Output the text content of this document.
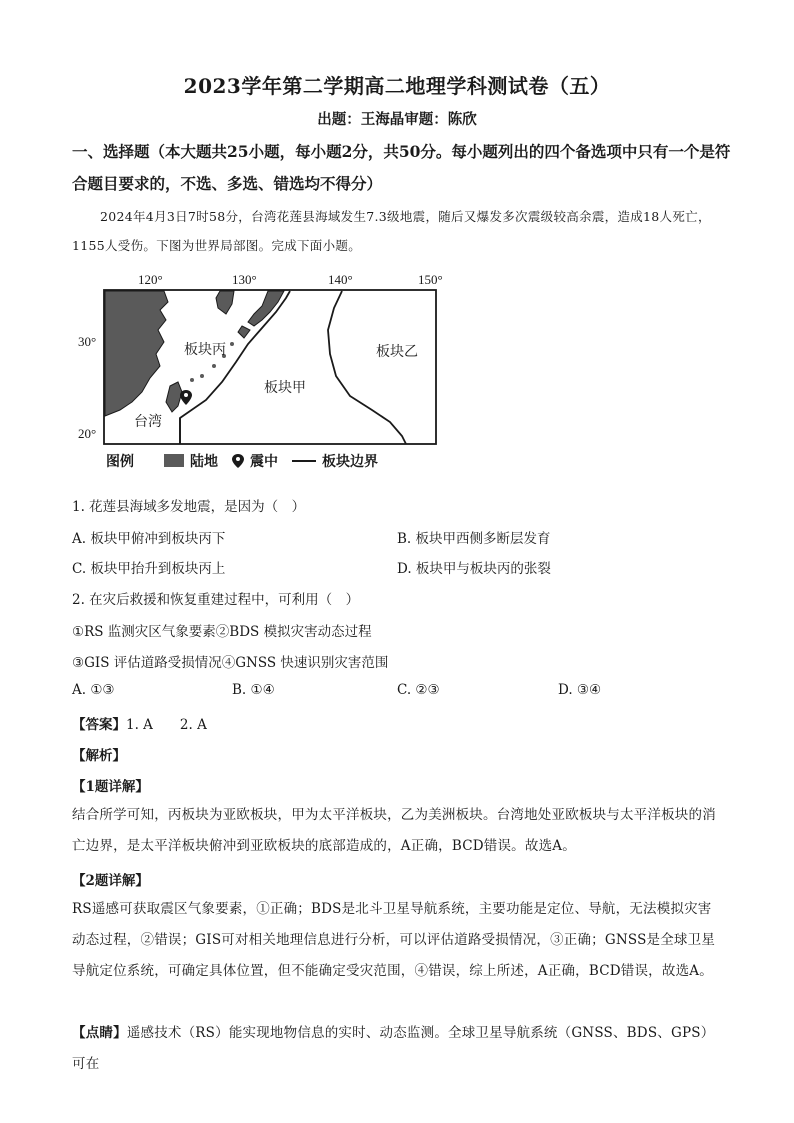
2023学年第二学期高二地理学科测试卷（五）
出题：王海晶审题：陈欣
一、选择题（本大题共25小题，每小题2分，共50分。每小题列出的四个备选项中只有一个是符合题目要求的，不选、多选、错选均不得分）
2024年4月3日7时58分，台湾花莲县海域发生7.3级地震，随后又爆发多次震级较高余震，造成18人死亡，1155人受伤。下图为世界局部图。完成下面小题。
120°	130°	140°	150°
30°
20°
板块丙
板块甲
板块乙
台湾
图例	陆地 震中	板块边界
1. 花莲县海域多发地震，是因为（　）
A. 板块甲俯冲到板块丙下	B. 板块甲西侧多断层发育
C. 板块甲抬升到板块丙上	D. 板块甲与板块丙的张裂
2. 在灾后救援和恢复重建过程中，可利用（　）
①RS 监测灾区气象要素②BDS 模拟灾害动态过程
③GIS 评估道路受损情况④GNSS 快速识别灾害范围
A. ①③	B. ①④	C. ②③	D. ③④
【答案】1. A　　2. A
【解析】
【1题详解】
结合所学可知，丙板块为亚欧板块，甲为太平洋板块，乙为美洲板块。台湾地处亚欧板块与太平洋板块的消亡边界，是太平洋板块俯冲到亚欧板块的底部造成的，A正确，BCD错误。故选A。
【2题详解】
RS遥感可获取震区气象要素，①正确；BDS是北斗卫星导航系统，主要功能是定位、导航，无法模拟灾害动态过程，②错误；GIS可对相关地理信息进行分析，可以评估道路受损情况，③正确；GNSS是全球卫星导航定位系统，可确定具体位置，但不能确定受灾范围，④错误，综上所述，A正确，BCD错误，故选A。
【点睛】遥感技术（RS）能实现地物信息的实时、动态监测。全球卫星导航系统（GNSS、BDS、GPS）可在
